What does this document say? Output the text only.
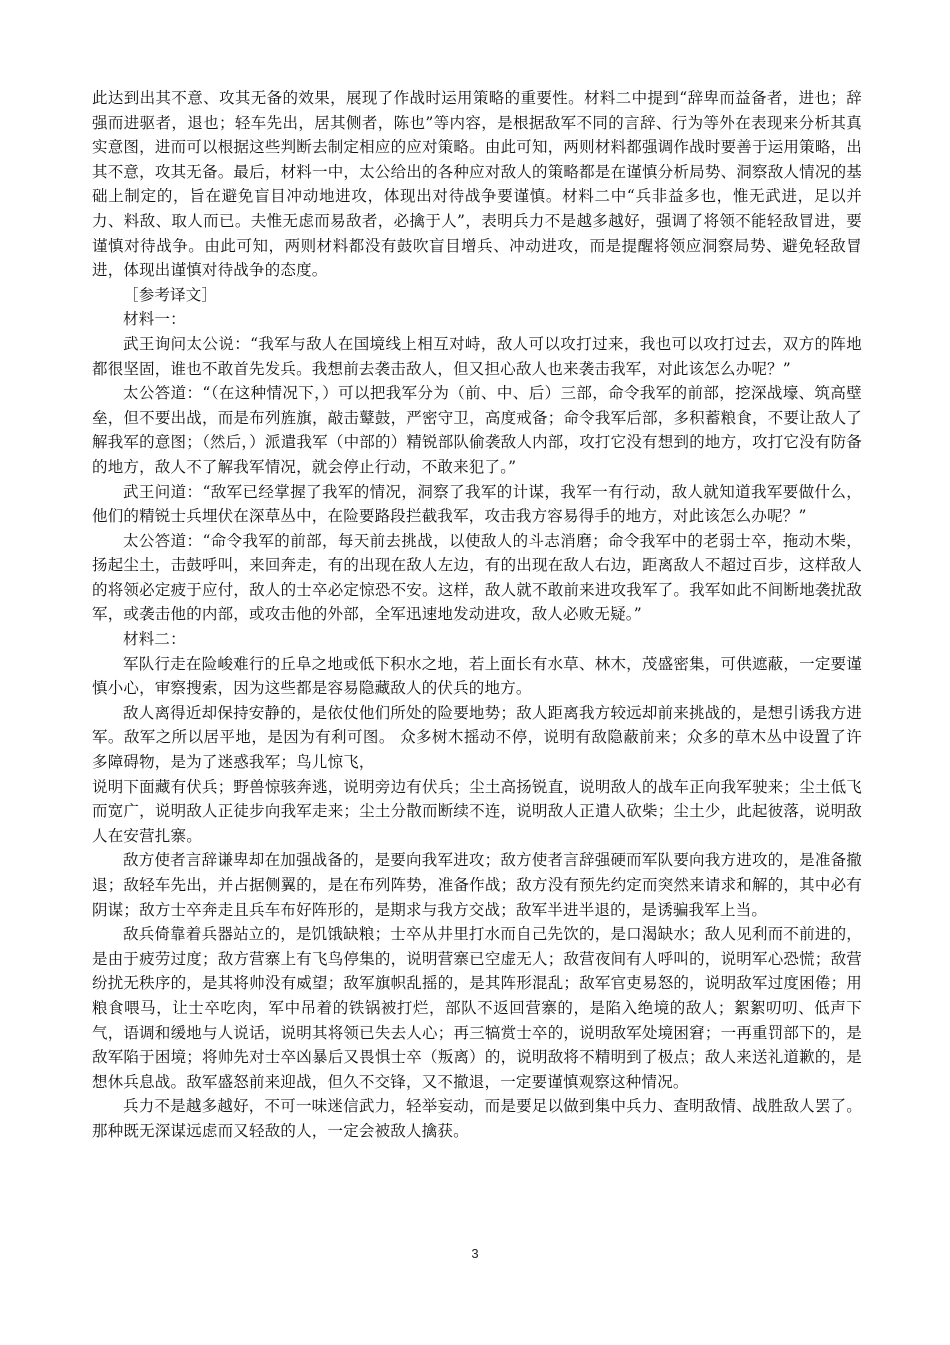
此达到出其不意、攻其无备的效果，展现了作战时运用策略的重要性。材料二中提到“辞卑而益备者，进也；辞强而进驱者，退也；轻车先出，居其侧者，陈也”等内容，是根据敌军不同的言辞、行为等外在表现来分析其真实意图，进而可以根据这些判断去制定相应的应对策略。由此可知，两则材料都强调作战时要善于运用策略，出其不意，攻其无备。最后，材料一中，太公给出的各种应对敌人的策略都是在谨慎分析局势、洞察敌人情况的基础上制定的，旨在避免盲目冲动地进攻，体现出对待战争要谨慎。材料二中“兵非益多也，惟无武进，足以并力、料敌、取人而已。夫惟无虑而易敌者，必擒于人”，表明兵力不是越多越好，强调了将领不能轻敌冒进，要谨慎对待战争。由此可知，两则材料都没有鼓吹盲目增兵、冲动进攻，而是提醒将领应洞察局势、避免轻敌冒进，体现出谨慎对待战争的态度。

［参考译文］

材料一：

武王询问太公说：“我军与敌人在国境线上相互对峙，敌人可以攻打过来，我也可以攻打过去，双方的阵地都很坚固，谁也不敢首先发兵。我想前去袭击敌人，但又担心敌人也来袭击我军，对此该怎么办呢？”

太公答道：“（在这种情况下，）可以把我军分为（前、中、后）三部，命令我军的前部，挖深战壕、筑高壁垒，但不要出战，而是布列旌旗，敲击鼙鼓，严密守卫，高度戒备；命令我军后部，多积蓄粮食，不要让敌人了解我军的意图；（然后，）派遣我军（中部的）精锐部队偷袭敌人内部，攻打它没有想到的地方，攻打它没有防备的地方，敌人不了解我军情况，就会停止行动，不敢来犯了。”

武王问道：“敌军已经掌握了我军的情况，洞察了我军的计谋，我军一有行动，敌人就知道我军要做什么，他们的精锐士兵埋伏在深草丛中，在险要路段拦截我军，攻击我方容易得手的地方，对此该怎么办呢？”

太公答道：“命令我军的前部，每天前去挑战，以使敌人的斗志消磨；命令我军中的老弱士卒，拖动木柴，扬起尘土，击鼓呼叫，来回奔走，有的出现在敌人左边，有的出现在敌人右边，距离敌人不超过百步，这样敌人的将领必定疲于应付，敌人的士卒必定惊恐不安。这样，敌人就不敢前来进攻我军了。我军如此不间断地袭扰敌军，或袭击他的内部，或攻击他的外部，全军迅速地发动进攻，敌人必败无疑。”

材料二：

军队行走在险峻难行的丘阜之地或低下积水之地，若上面长有水草、林木，茂盛密集，可供遮蔽，一定要谨慎小心，审察搜索，因为这些都是容易隐藏敌人的伏兵的地方。

敌人离得近却保持安静的，是依仗他们所处的险要地势；敌人距离我方较远却前来挑战的，是想引诱我方进军。敌军之所以居平地，是因为有利可图。 众多树木摇动不停，说明有敌隐蔽前来；众多的草木丛中设置了许多障碍物，是为了迷惑我军；鸟儿惊飞，

说明下面藏有伏兵；野兽惊骇奔逃，说明旁边有伏兵；尘土高扬锐直，说明敌人的战车正向我军驶来；尘土低飞而宽广，说明敌人正徒步向我军走来；尘土分散而断续不连，说明敌人正遣人砍柴；尘土少，此起彼落，说明敌人在安营扎寨。

敌方使者言辞谦卑却在加强战备的，是要向我军进攻；敌方使者言辞强硬而军队要向我方进攻的，是准备撤退；敌轻车先出，并占据侧翼的，是在布列阵势，准备作战；敌方没有预先约定而突然来请求和解的，其中必有阴谋；敌方士卒奔走且兵车布好阵形的，是期求与我方交战；敌军半进半退的，是诱骗我军上当。

敌兵倚靠着兵器站立的，是饥饿缺粮；士卒从井里打水而自己先饮的，是口渴缺水；敌人见利而不前进的，是由于疲劳过度；敌方营寨上有飞鸟停集的，说明营寨已空虚无人；敌营夜间有人呼叫的，说明军心恐慌；敌营纷扰无秩序的，是其将帅没有威望；敌军旗帜乱摇的，是其阵形混乱；敌军官吏易怒的，说明敌军过度困倦；用粮食喂马，让士卒吃肉，军中吊着的铁锅被打烂，部队不返回营寨的，是陷入绝境的敌人；絮絮叨叨、低声下气，语调和缓地与人说话，说明其将领已失去人心；再三犒赏士卒的，说明敌军处境困窘；一再重罚部下的，是敌军陷于困境；将帅先对士卒凶暴后又畏惧士卒（叛离）的，说明敌将不精明到了极点；敌人来送礼道歉的，是想休兵息战。敌军盛怒前来迎战，但久不交锋，又不撤退，一定要谨慎观察这种情况。

兵力不是越多越好，不可一味迷信武力，轻举妄动，而是要足以做到集中兵力、查明敌情、战胜敌人罢了。那种既无深谋远虑而又轻敌的人，一定会被敌人擒获。

3
